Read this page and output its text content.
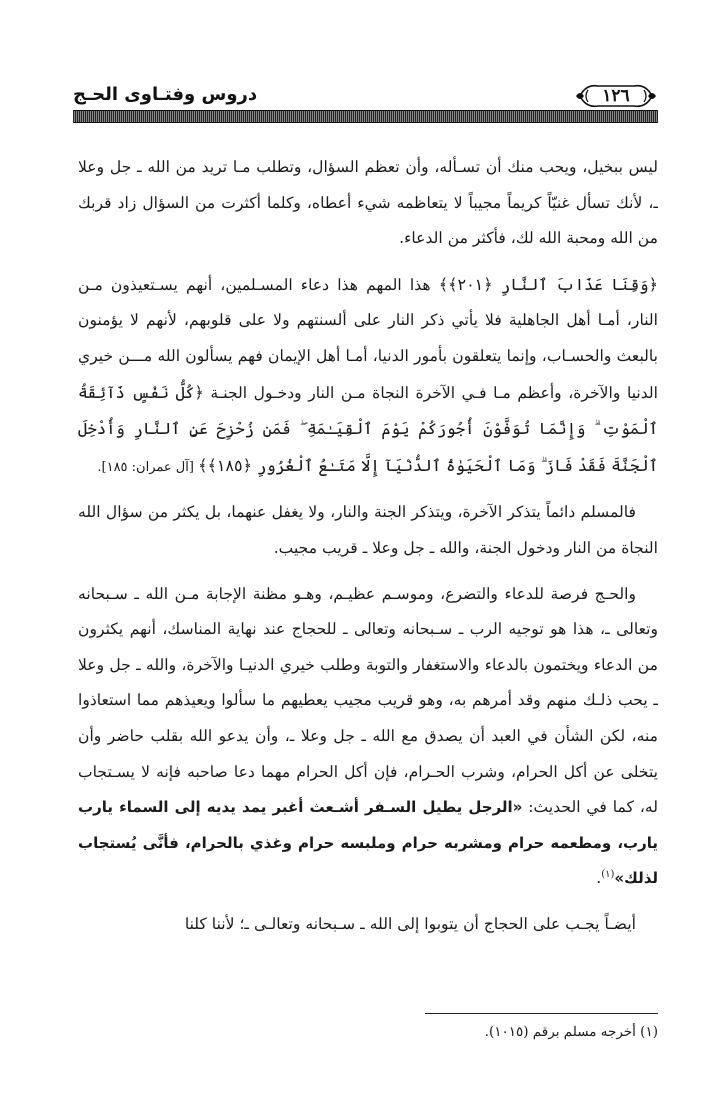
١٢٦
دروس وفتـاوى الحـج

ليس ببخيل، ويحب منك أن تسـأله، وأن تعظم السؤال، وتطلب مـا تريد من الله ـ جل وعلا ـ، لأنك تسأل غنيّاً كريماً مجيباً لا يتعاظمه شيء أعطاه، وكلما أكثرت من السؤال زاد قربك من الله ومحبة الله لك، فأكثر من الدعاء.

﴿وَقِنَا عَذَابَ ٱلنَّارِ ﴿٢٠١﴾﴾ هذا المهم هذا دعاء المسـلمين، أنهم يسـتعيذون مـن النار، أمـا أهل الجاهلية فلا يأتي ذكر النار على ألسنتهم ولا على قلوبهم، لأنهم لا يؤمنون بالبعث والحسـاب، وإنما يتعلقون بأمور الدنيا، أمـا أهل الإيمان فهم يسألون الله مـــن خيري الدنيا والآخرة، وأعظم مـا فـي الآخرة النجاة مـن النار ودخـول الجنـة ﴿كُلُّ نَفْسٍ ذَآئِقَةُ ٱلْمَوْتِ ۗ وَإِنَّمَا تُوَفَّوْنَ أُجُورَكُمْ يَوْمَ ٱلْقِيَـٰمَةِ ۖ فَمَن زُحْزِحَ عَنِ ٱلنَّارِ وَأُدْخِلَ ٱلْجَنَّةَ فَقَدْ فَازَ ۗ وَمَا ٱلْحَيَوٰةُ ٱلدُّنْيَآ إِلَّا مَتَـٰعُ ٱلْغُرُورِ ﴿١٨٥﴾﴾ [آل عمران: ١٨٥].

فالمسلم دائماً يتذكر الآخرة، ويتذكر الجنة والنار، ولا يغفل عنهما، بل يكثر من سؤال الله النجاة من النار ودخول الجنة، والله ـ جل وعلا ـ قريب مجيب.

والحـج فرصة للدعاء والتضرع، وموسـم عظيـم، وهـو مظنة الإجابة مـن الله ـ سـبحانه وتعالى ـ، هذا هو توجيه الرب ـ سـبحانه وتعالى ـ للحجاج عند نهاية المناسك، أنهم يكثرون من الدعاء ويختمون بالدعاء والاستغفار والتوبة وطلب خيري الدنيـا والآخرة، والله ـ جل وعلا ـ يحب ذلـك منهم وقد أمرهم به، وهو قريب مجيب يعطيهم ما سألوا ويعيذهم مما استعاذوا منه، لكن الشأن في العبد أن يصدق مع الله ـ جل وعلا ـ، وأن يدعو الله بقلب حاضر وأن يتخلى عن أكل الحرام، وشرب الحـرام، فإن أكل الحرام مهما دعا صاحبه فإنه لا يسـتجاب له، كما في الحديث: «الرجل يطيل السـفر أشـعث أغبر يمد يديه إلى السماء يارب يارب، ومطعمه حرام ومشربه حرام وملبسه حرام وغذي بالحرام، فأنَّى يُستجاب لذلك»$^{(١)}$.

أيضـاً يجـب على الحجاج أن يتوبوا إلى الله ـ سـبحانه وتعالـى ـ؛ لأننا كلنا

(١) أخرجه مسلم برقم (١٠١٥).
